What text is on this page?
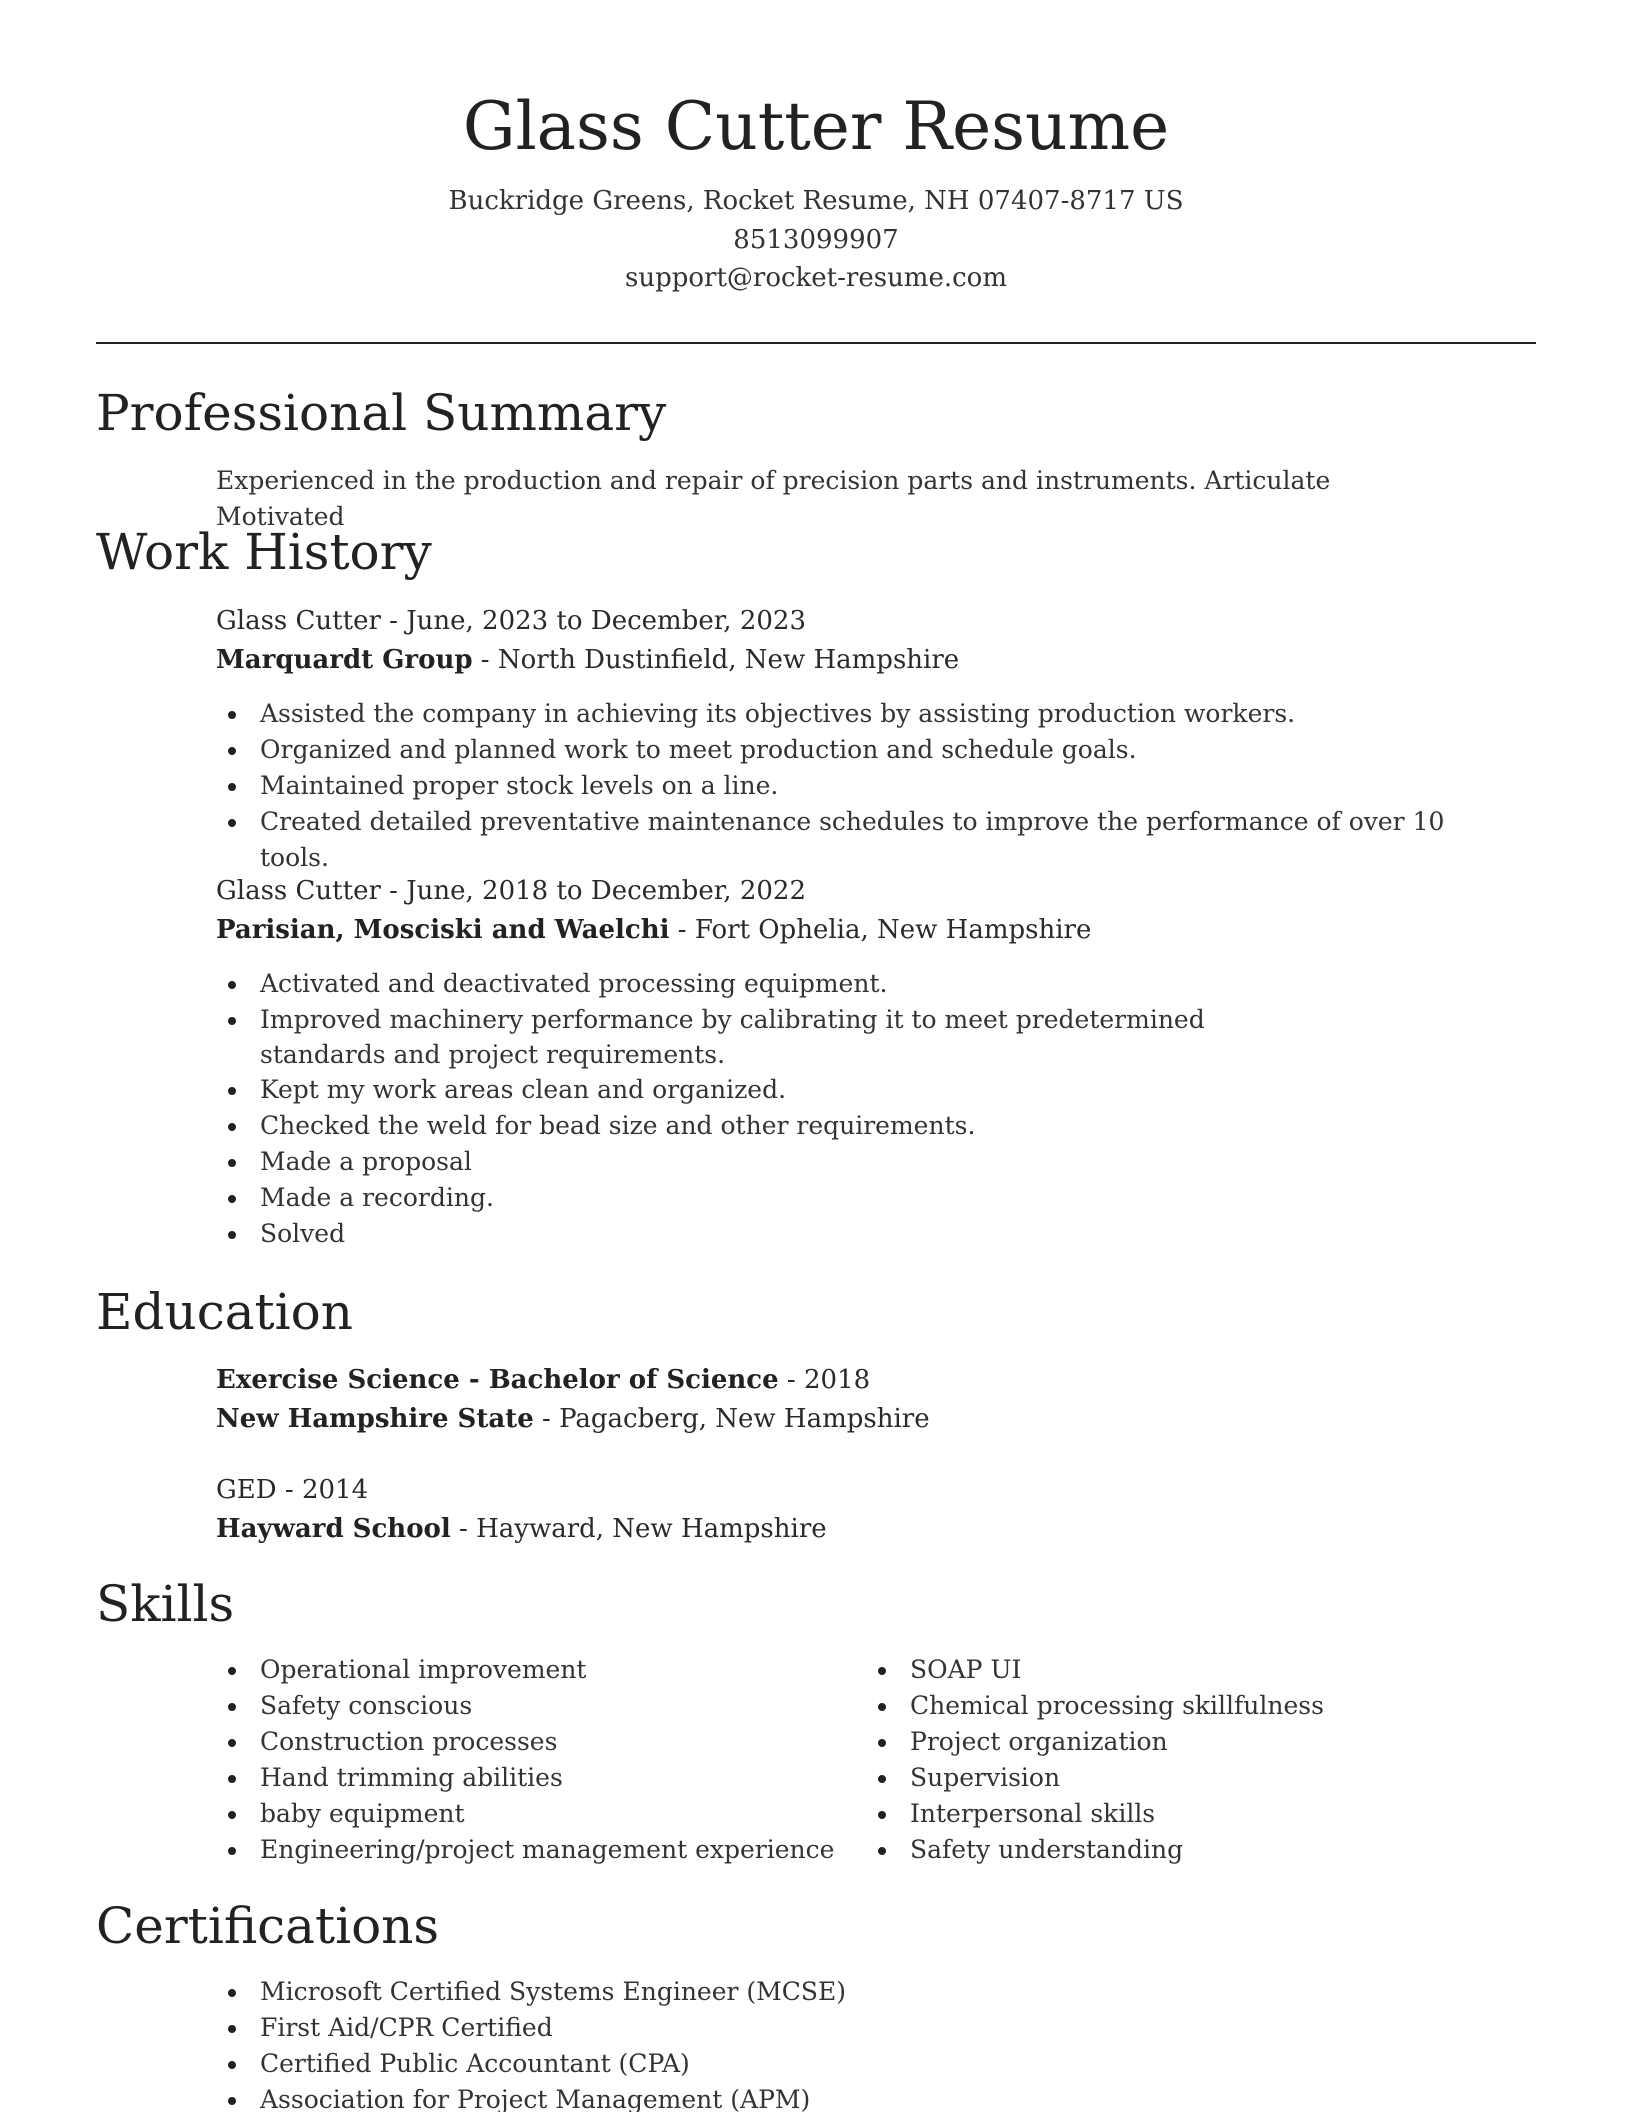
Glass Cutter Resume
Buckridge Greens, Rocket Resume, NH 07407-8717 US
8513099907
support@rocket-resume.com
Professional Summary
Experienced in the production and repair of precision parts and instruments. Articulate Motivated
Work History
Glass Cutter - June, 2023 to December, 2023
Marquardt Group - North Dustinfield, New Hampshire
Assisted the company in achieving its objectives by assisting production workers.
Organized and planned work to meet production and schedule goals.
Maintained proper stock levels on a line.
Created detailed preventative maintenance schedules to improve the performance of over 10 tools.
Glass Cutter - June, 2018 to December, 2022
Parisian, Mosciski and Waelchi - Fort Ophelia, New Hampshire
Activated and deactivated processing equipment.
Improved machinery performance by calibrating it to meet predetermined standards and project requirements.
Kept my work areas clean and organized.
Checked the weld for bead size and other requirements.
Made a proposal
Made a recording.
Solved
Education
Exercise Science - Bachelor of Science - 2018
New Hampshire State - Pagacberg, New Hampshire
GED - 2014
Hayward School - Hayward, New Hampshire
Skills
Operational improvement
Safety conscious
Construction processes
Hand trimming abilities
baby equipment
Engineering/project management experience
SOAP UI
Chemical processing skillfulness
Project organization
Supervision
Interpersonal skills
Safety understanding
Certifications
Microsoft Certified Systems Engineer (MCSE)
First Aid/CPR Certified
Certified Public Accountant (CPA)
Association for Project Management (APM)
